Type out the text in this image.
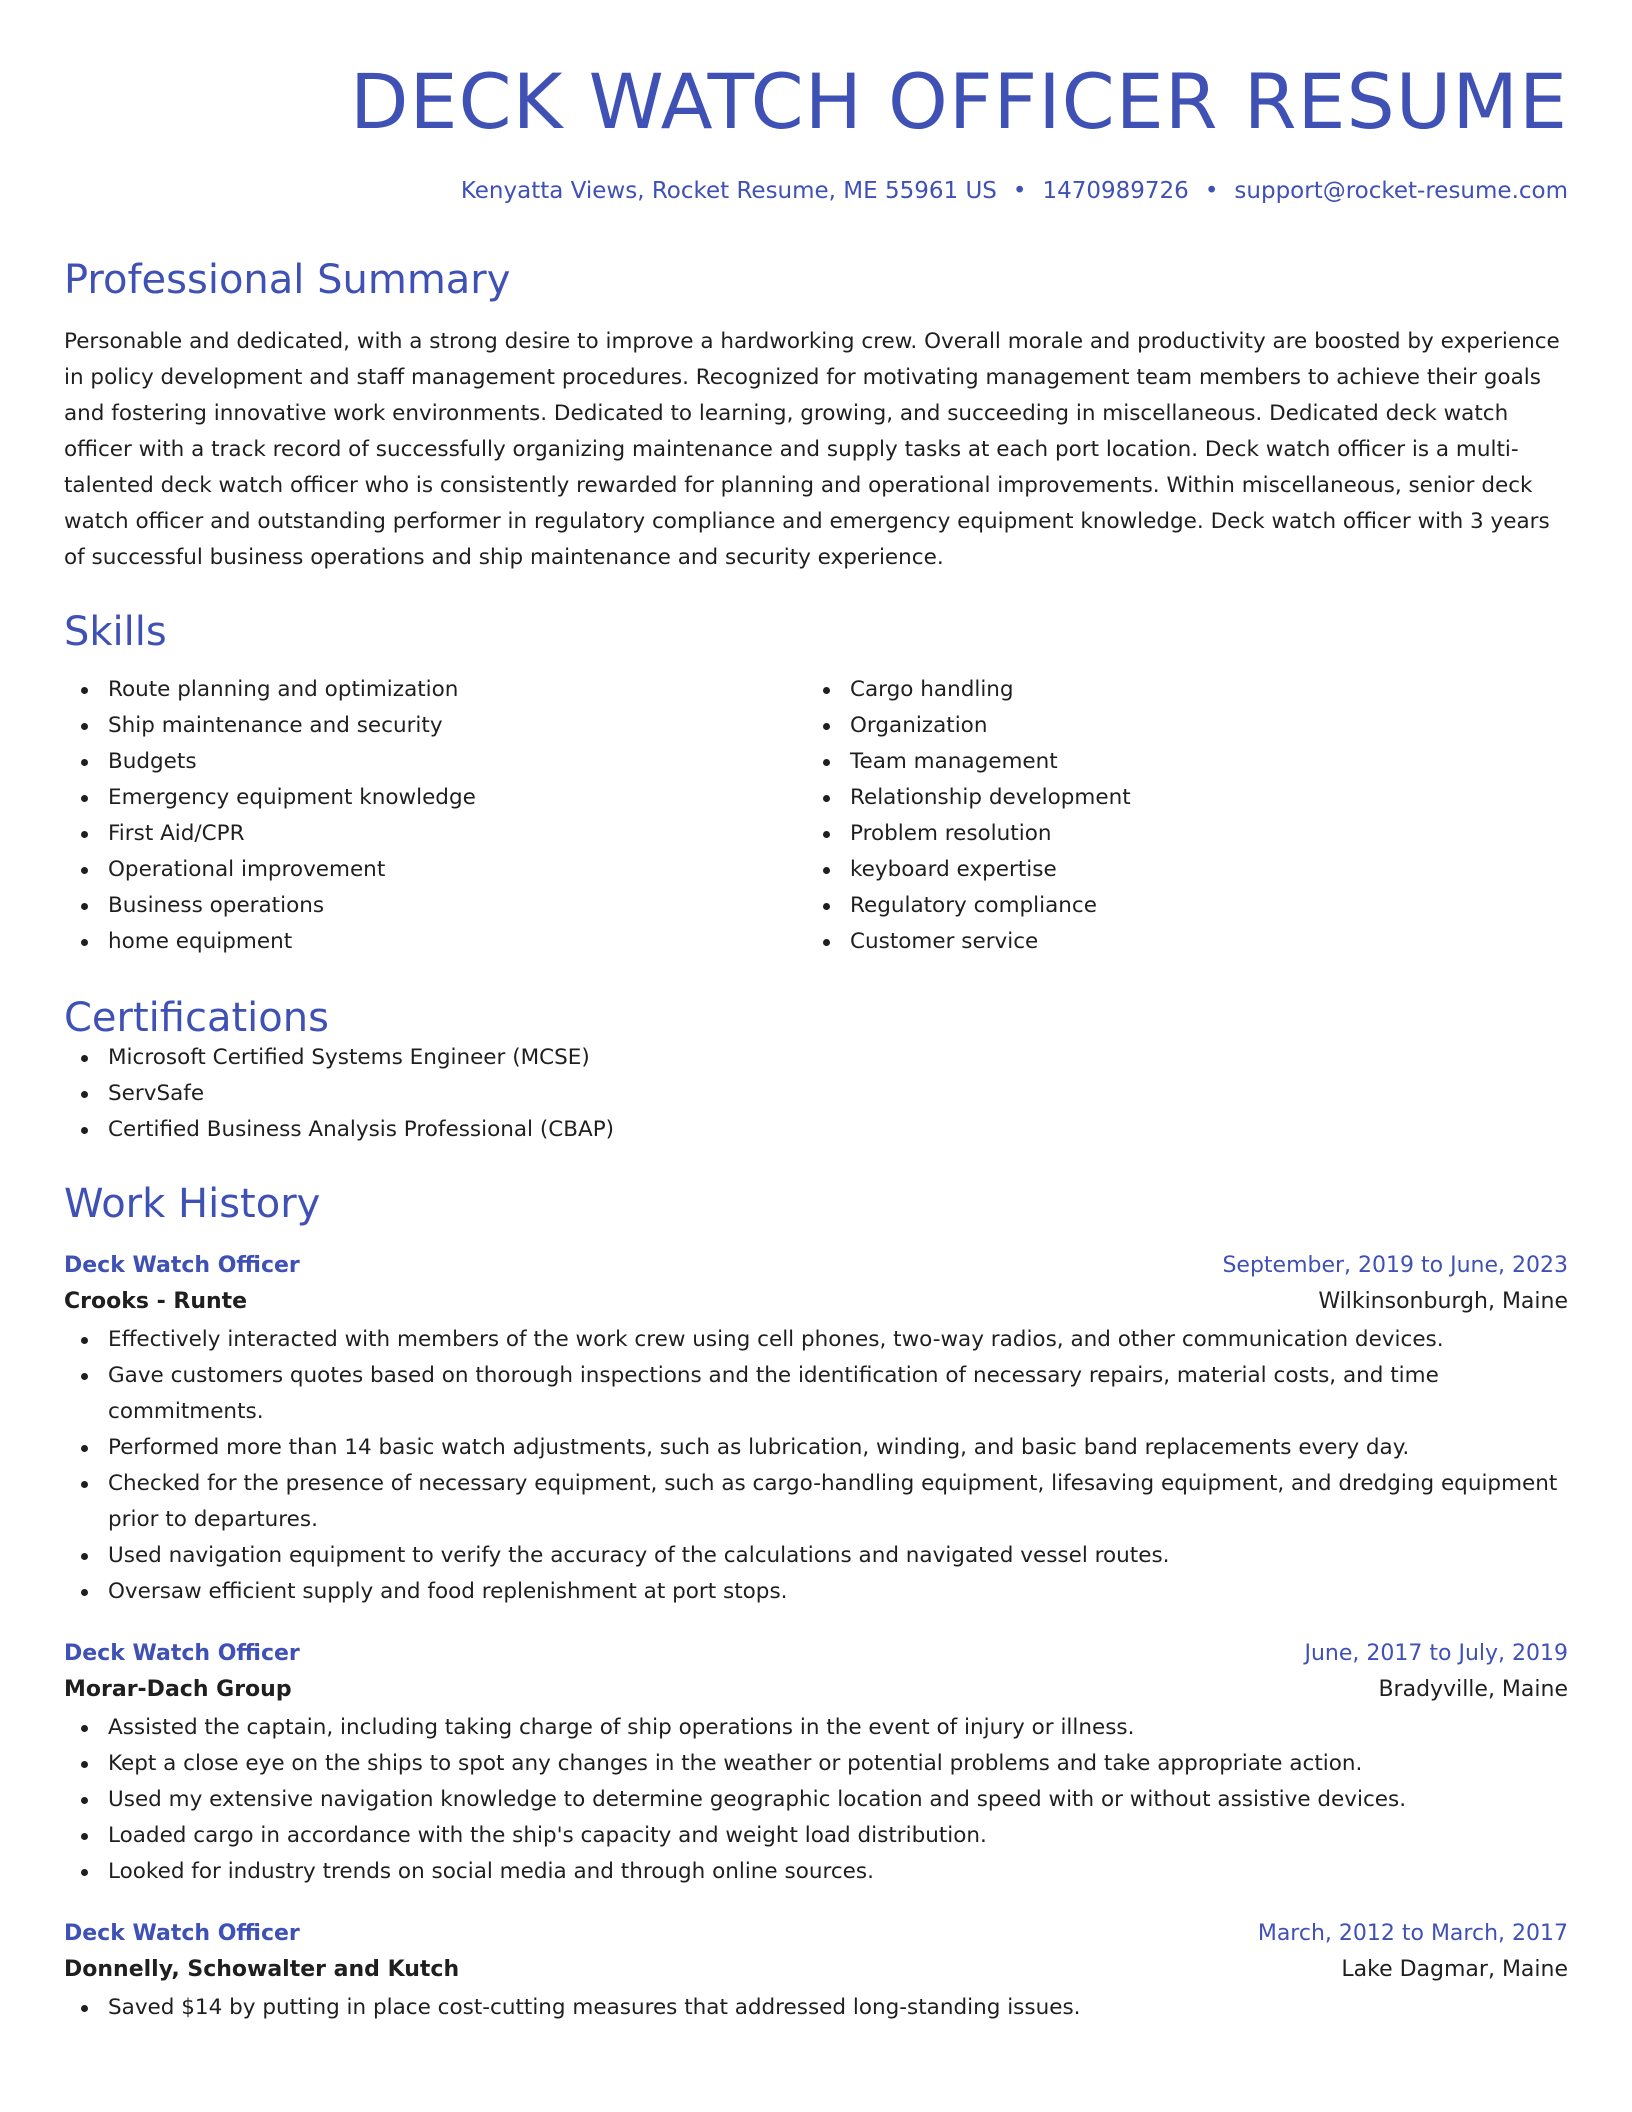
DECK WATCH OFFICER RESUME
Kenyatta Views, Rocket Resume, ME 55961 US • 1470989726 • support@rocket-resume.com
Professional Summary
Personable and dedicated, with a strong desire to improve a hardworking crew. Overall morale and productivity are boosted by experience in policy development and staff management procedures. Recognized for motivating management team members to achieve their goals and fostering innovative work environments. Dedicated to learning, growing, and succeeding in miscellaneous. Dedicated deck watch officer with a track record of successfully organizing maintenance and supply tasks at each port location. Deck watch officer is a multi-talented deck watch officer who is consistently rewarded for planning and operational improvements. Within miscellaneous, senior deck watch officer and outstanding performer in regulatory compliance and emergency equipment knowledge. Deck watch officer with 3 years of successful business operations and ship maintenance and security experience.
Skills
Route planning and optimization
Ship maintenance and security
Budgets
Emergency equipment knowledge
First Aid/CPR
Operational improvement
Business operations
home equipment
Cargo handling
Organization
Team management
Relationship development
Problem resolution
keyboard expertise
Regulatory compliance
Customer service
Certifications
Microsoft Certified Systems Engineer (MCSE)
ServSafe
Certified Business Analysis Professional (CBAP)
Work History
Deck Watch Officer	September, 2019 to June, 2023
Crooks - Runte	Wilkinsonburgh, Maine
Effectively interacted with members of the work crew using cell phones, two-way radios, and other communication devices.
Gave customers quotes based on thorough inspections and the identification of necessary repairs, material costs, and time commitments.
Performed more than 14 basic watch adjustments, such as lubrication, winding, and basic band replacements every day.
Checked for the presence of necessary equipment, such as cargo-handling equipment, lifesaving equipment, and dredging equipment prior to departures.
Used navigation equipment to verify the accuracy of the calculations and navigated vessel routes.
Oversaw efficient supply and food replenishment at port stops.
Deck Watch Officer	June, 2017 to July, 2019
Morar-Dach Group	Bradyville, Maine
Assisted the captain, including taking charge of ship operations in the event of injury or illness.
Kept a close eye on the ships to spot any changes in the weather or potential problems and take appropriate action.
Used my extensive navigation knowledge to determine geographic location and speed with or without assistive devices.
Loaded cargo in accordance with the ship's capacity and weight load distribution.
Looked for industry trends on social media and through online sources.
Deck Watch Officer	March, 2012 to March, 2017
Donnelly, Schowalter and Kutch	Lake Dagmar, Maine
Saved $14 by putting in place cost-cutting measures that addressed long-standing issues.
